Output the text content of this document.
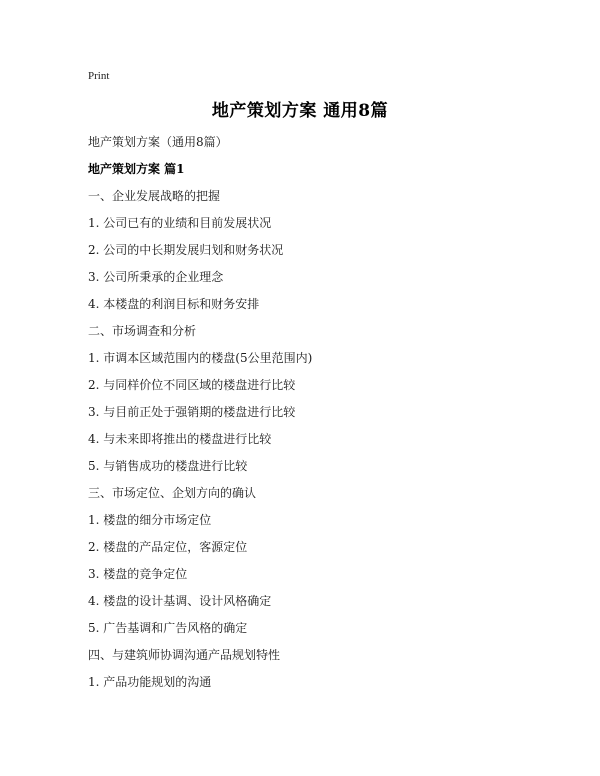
Print
地产策划方案 通用8篇
地产策划方案（通用8篇）
地产策划方案 篇1
一、企业发展战略的把握
1. 公司已有的业绩和目前发展状况
2. 公司的中长期发展归划和财务状况
3. 公司所秉承的企业理念
4. 本楼盘的利润目标和财务安排
二、市场调查和分析
1. 市调本区域范围内的楼盘(5公里范围内)
2. 与同样价位不同区域的楼盘进行比较
3. 与目前正处于强销期的楼盘进行比较
4. 与未来即将推出的楼盘进行比较
5. 与销售成功的楼盘进行比较
三、市场定位、企划方向的确认
1. 楼盘的细分市场定位
2. 楼盘的产品定位，客源定位
3. 楼盘的竞争定位
4. 楼盘的设计基调、设计风格确定
5. 广告基调和广告风格的确定
四、与建筑师协调沟通产品规划特性
1. 产品功能规划的沟通
